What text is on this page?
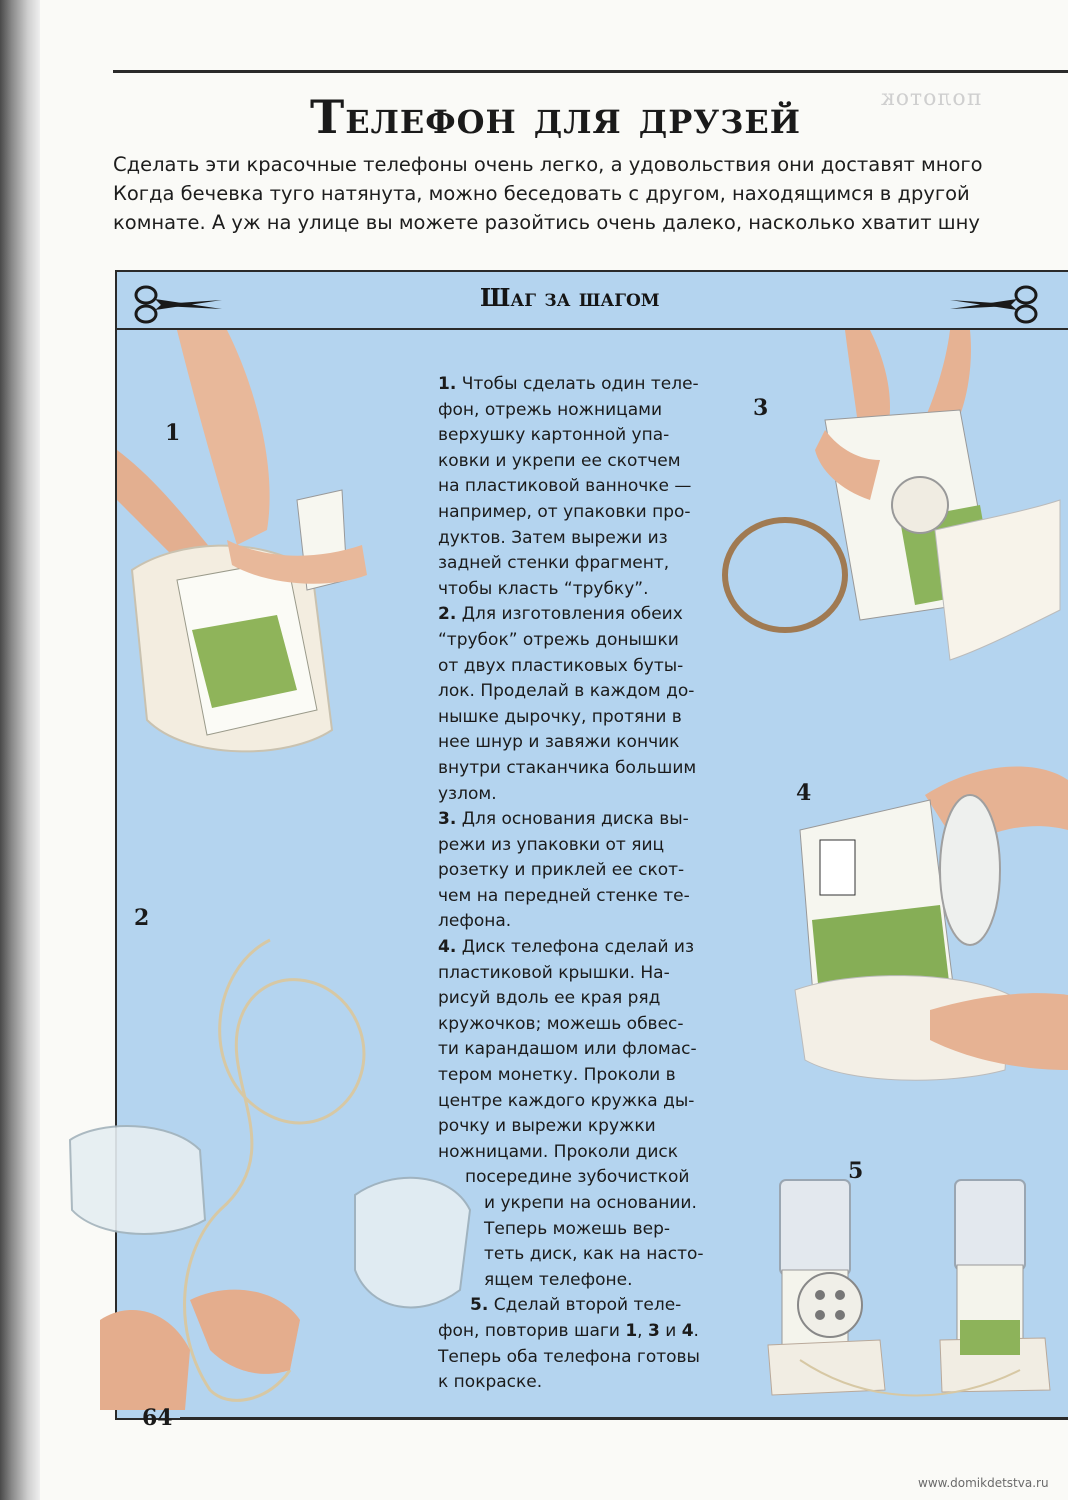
полоток
Телефон для друзей

Сделать эти красочные телефоны очень легко, а удовольствия они доставят много
Когда бечевка туго натянута, можно беседовать с другом, находящимся в другой
комнате. А уж на улице вы можете разойтись очень далеко, насколько хватит шну

Шаг за шагом
1
2
3
4
5
1. Чтобы сделать один теле-
фон, отрежь ножницами
верхушку картонной упа-
ковки и укрепи ее скотчем
на пластиковой ванночке —
например, от упаковки про-
дуктов. Затем вырежи из
задней стенки фрагмент,
чтобы класть “трубку”.
2. Для изготовления обеих
“трубок” отрежь донышки
от двух пластиковых буты-
лок. Проделай в каждом до-
нышке дырочку, протяни в
нее шнур и завяжи кончик
внутри стаканчика большим
узлом.
3. Для основания диска вы-
режи из упаковки от яиц
розетку и приклей ее скот-
чем на передней стенке те-
лефона.
4. Диск телефона сделай из
пластиковой крышки. На-
рисуй вдоль ее края ряд
кружочков; можешь обвес-
ти карандашом или фломас-
тером монетку. Проколи в
центре каждого кружка ды-
рочку и вырежи кружки
ножницами. Проколи диск
посередине зубочисткой
и укрепи на основании.
Теперь можешь вер-
теть диск, как на насто-
ящем телефоне.
5. Сделай второй теле-
фон, повторив шаги 1, 3 и 4.
Теперь оба телефона готовы
к покраске.
64
www.domikdetstva.ru
